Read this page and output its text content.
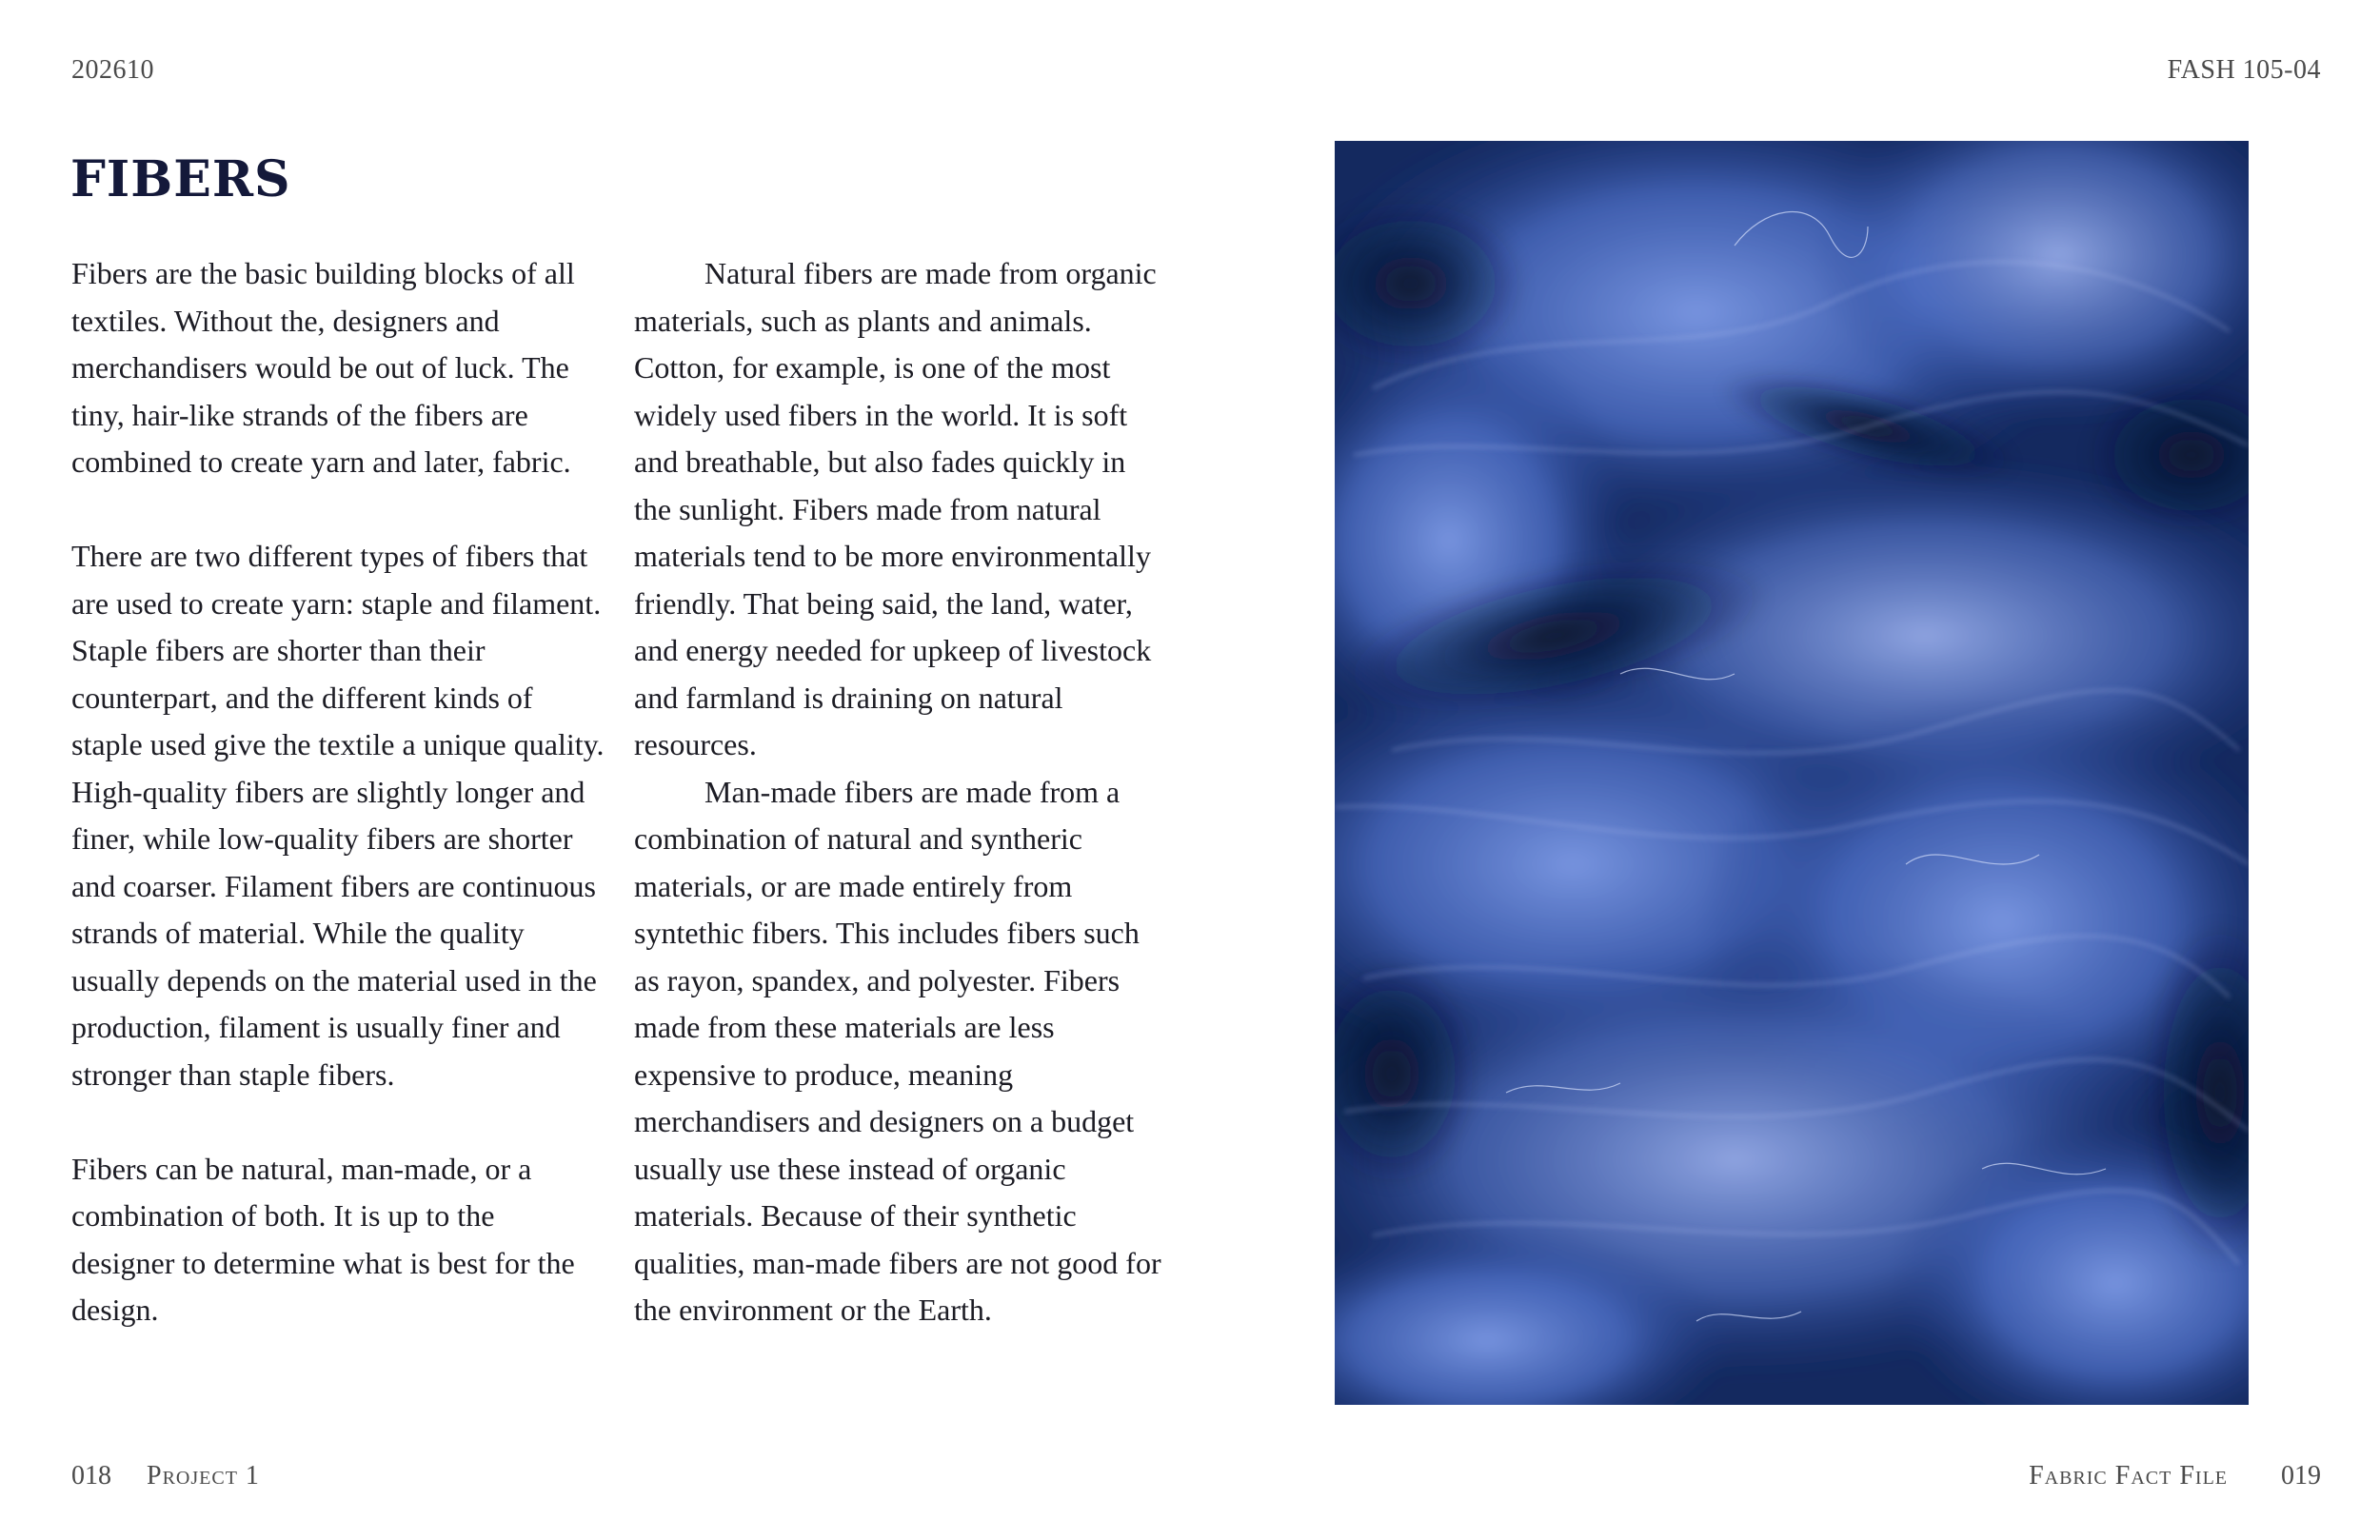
202610	FASH 105-04
FIBERS

Fibers are the basic building blocks of all textiles. Without the, designers and merchandisers would be out of luck. The tiny, hair-like strands of the fibers are combined to create yarn and later, fabric.

There are two different types of fibers that are used to create yarn: staple and filament. Staple fibers are shorter than their counterpart, and the different kinds of staple used give the textile a unique quality. High-quality fibers are slightly longer and finer, while low-quality fibers are shorter and coarser. Filament fibers are continuous strands of material. While the quality usually depends on the material used in the production, filament is usually finer and stronger than staple fibers.

Fibers can be natural, man-made, or a combination of both. It is up to the designer to determine what is best for the design.

Natural fibers are made from organic materials, such as plants and animals. Cotton, for example, is one of the most widely used fibers in the world. It is soft and breathable, but also fades quickly in the sunlight. Fibers made from natural materials tend to be more environmentally friendly. That being said, the land, water, and energy needed for upkeep of livestock and farmland is draining on natural resources.

Man-made fibers are made from a combination of natural and syntheric materials, or are made entirely from syntethic fibers. This includes fibers such as rayon, spandex, and polyester. Fibers made from these materials are less expensive to produce, meaning merchandisers and designers on a budget usually use these instead of organic materials. Because of their synthetic qualities, man-made fibers are not good for the environment or the Earth.

018 Project 1	Fabric Fact File 019
